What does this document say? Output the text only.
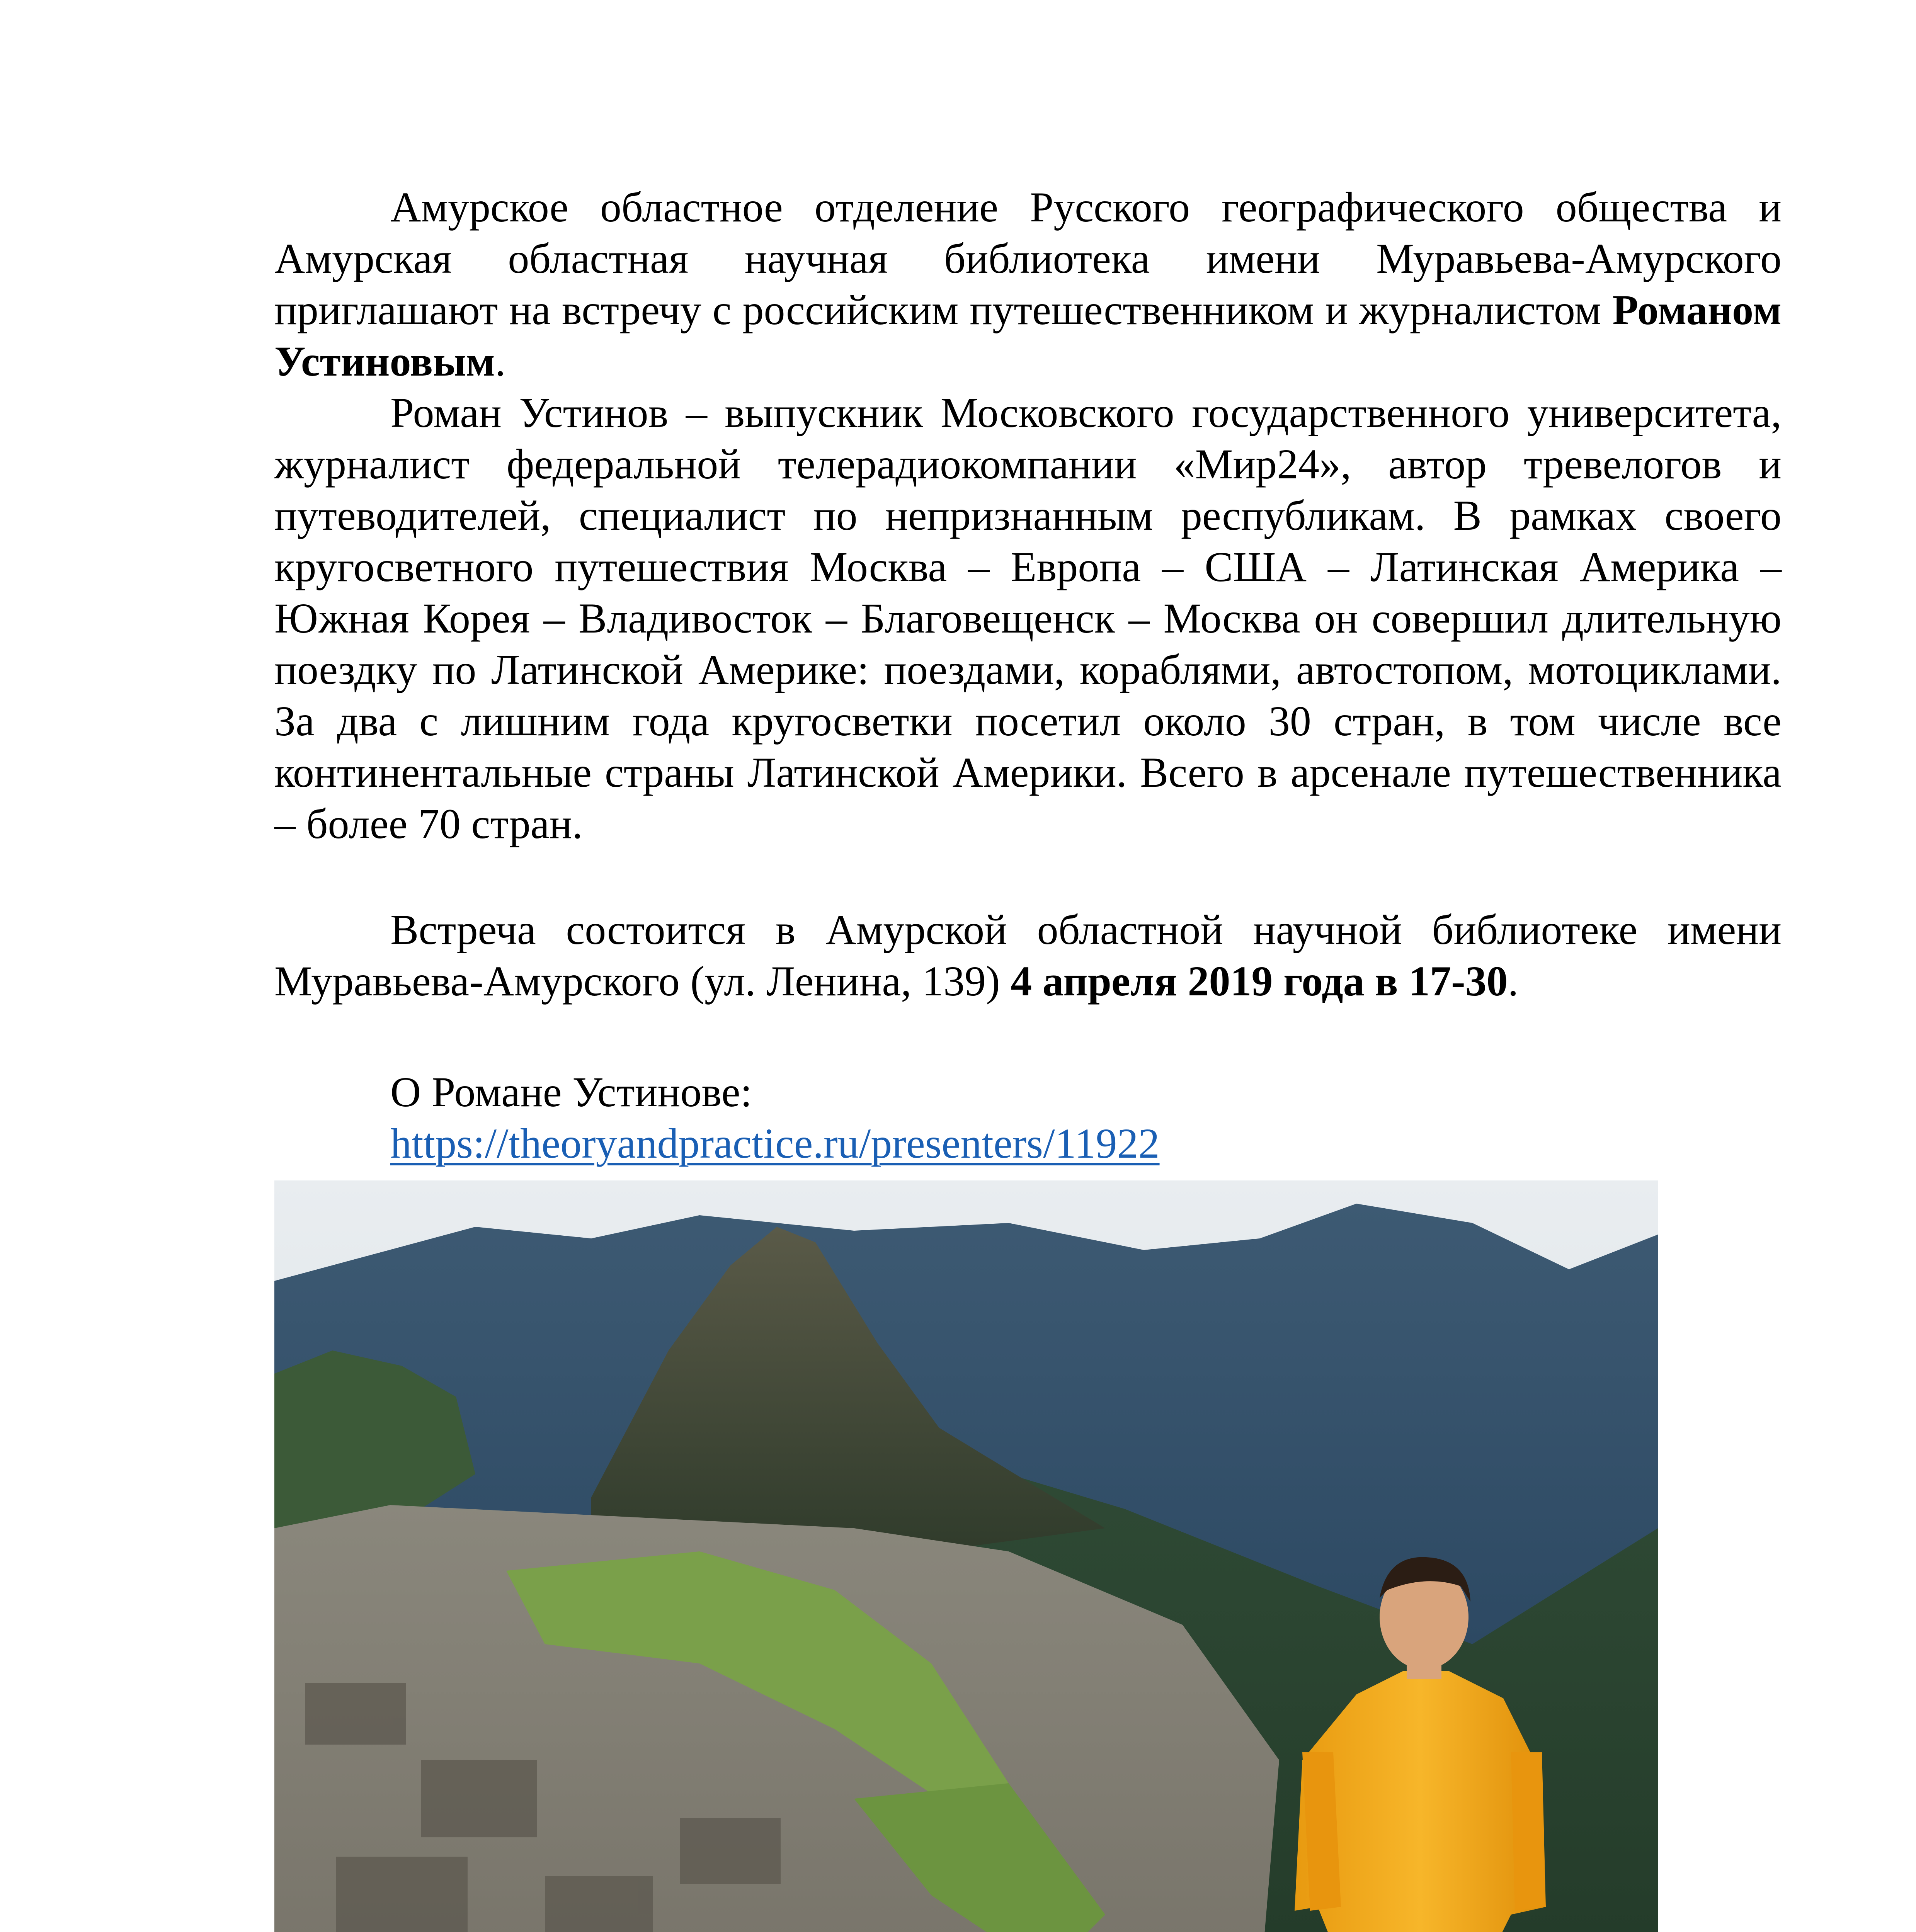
Амурское областное отделение Русского географического общества и Амурская областная научная библиотека имени Муравьева-Амурского приглашают на встречу с российским путешественником и журналистом Романом Устиновым.

Роман Устинов – выпускник Московского государственного университета, журналист федеральной телерадиокомпании «Мир24», автор тревелогов и путеводителей, специалист по непризнанным республикам. В рамках своего кругосветного путешествия Москва – Европа – США – Латинская Америка – Южная Корея – Владивосток – Благовещенск – Москва он совершил длительную поездку по Латинской Америке: поездами, кораблями, автостопом, мотоциклами. За два с лишним года кругосветки посетил около 30 стран, в том числе все континентальные страны Латинской Америки. Всего в арсенале путешественника – более 70 стран.

Встреча состоится в Амурской областной научной библиотеке имени Муравьева-Амурского (ул. Ленина, 139) 4 апреля 2019 года в 17-30.

О Романе Устинове:

https://theoryandpractice.ru/presenters/11922
